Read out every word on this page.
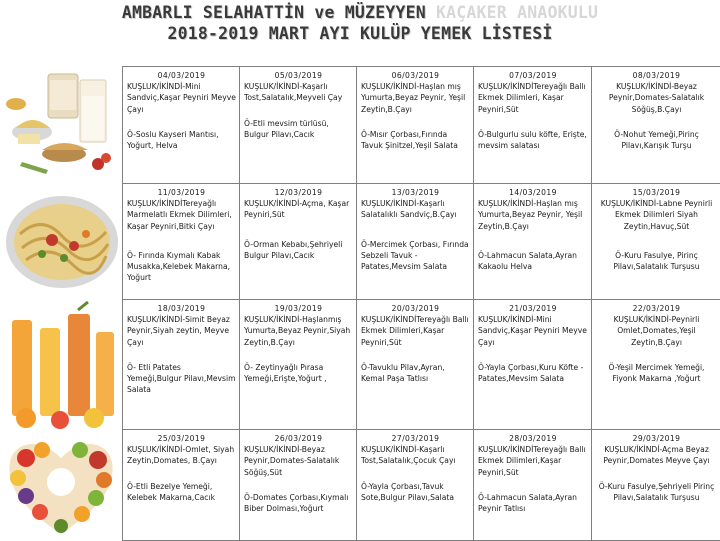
AMBARLI SELAHATTİN ve MÜZEYYEN KAÇAKER ANAOKULU
2018-2019 MART AYI KULÜP YEMEK LİSTESİ
04/03/2019
KUŞLUK/İKİNDİ-Mini Sandviç,Kaşar Peyniri Meyve Çayı
Ö-Soslu Kayseri Mantısı, Yoğurt, Helva	05/03/2019
KUŞLUK/İKİNDİ-Kaşarlı Tost,Salatalık,Meyveli Çay
Ö-Etli mevsim türlüsü, Bulgur Pilavı,Cacık	06/03/2019
KUŞLUK/İKİNDİ-Haşlan mış Yumurta,Beyaz Peynir, Yeşil Zeytin,B.Çayı
Ö-Mısır Çorbası,Fırında Tavuk Şinitzel,Yeşil Salata	07/03/2019
KUŞLUK/İKİNDİTereyağlı Ballı Ekmek Dilimleri, Kaşar Peyniri,Süt
Ö-Bulgurlu sulu köfte, Erişte, mevsim salatası	08/03/2019
KUŞLUK/İKİNDİ-Beyaz Peynir,Domates-Salatalık Söğüş,B.Çayı
Ö-Nohut Yemeği,Pirinç Pilavı,Karışık Turşu

11/03/2019
KUŞLUK/İKİNDİTereyağlı Marmelatlı Ekmek Dilimleri, Kaşar Peyniri,Bitki Çayı
Ö- Fırında Kıymalı Kabak Musakka,Kelebek Makarna, Yoğurt	12/03/2019
KUŞLUK/İKİNDİ-Açma, Kaşar Peyniri,Süt
Ö-Orman Kebabı,Şehriyeli Bulgur Pilavı,Cacık	13/03/2019
KUŞLUK/İKİNDİ-Kaşarlı Salatalıklı Sandviç,B.Çayı
Ö-Mercimek Çorbası, Fırında Sebzeli Tavuk - Patates,Mevsim Salata	14/03/2019
KUŞLUK/İKİNDİ-Haşlan mış Yumurta,Beyaz Peynir, Yeşil Zeytin,B.Çayı
Ö-Lahmacun Salata,Ayran Kakaolu Helva	15/03/2019
KUŞLUK/İKİNDİ-Labne Peynirli Ekmek Dilimleri Siyah Zeytin,Havuç,Süt
Ö-Kuru Fasulye, Pirinç Pilavı,Salatalık Turşusu

18/03/2019
KUŞLUK/İKİNDİ-Simit Beyaz Peynir,Siyah zeytin, Meyve Çayı
Ö- Etli Patates Yemeği,Bulgur Pilavı,Mevsim Salata	19/03/2019
KUŞLUK/İKİNDİ-Haşlanmış Yumurta,Beyaz Peynir,Siyah Zeytin,B.Çayı
Ö- Zeytinyağlı Pırasa Yemeği,Erişte,Yoğurt ,	20/03/2019
KUŞLUK/İKİNDİTereyağlı Ballı Ekmek Dilimleri,Kaşar Peyniri,Süt
Ö-Tavuklu Pilav,Ayran, Kemal Paşa Tatlısı	21/03/2019
KUŞLUK/İKİNDİ-Mini Sandviç,Kaşar Peyniri Meyve Çayı
Ö-Yayla Çorbası,Kuru Köfte -Patates,Mevsim Salata	22/03/2019
KUŞLUK/İKİNDİ-Peynirli Omlet,Domates,Yeşil Zeytin,B.Çayı
Ö-Yeşil Mercimek Yemeği, Fiyonk Makarna ,Yoğurt

25/03/2019
KUŞLUK/İKİNDİ-Omlet, Siyah Zeytin,Domates, B.Çayı
Ö-Etli Bezelye Yemeği, Kelebek Makarna,Cacık	26/03/2019
KUŞLUK/İKİNDİ-Beyaz Peynir,Domates-Salatalık Söğüş,Süt
Ö-Domates Çorbası,Kıymalı Biber Dolması,Yoğurt	27/03/2019
KUŞLUK/İKİNDİ-Kaşarlı Tost,Salatalık,Çocuk Çayı
Ö-Yayla Çorbası,Tavuk Sote,Bulgur Pilavı,Salata	28/03/2019
KUŞLUK/İKİNDİTereyağlı Ballı Ekmek Dilimleri,Kaşar Peyniri,Süt
Ö-Lahmacun Salata,Ayran Peynir Tatlısı	29/03/2019
KUŞLUK/İKİNDİ-Açma Beyaz Peynir,Domates Meyve Çayı
Ö-Kuru Fasulye,Şehriyeli Pirinç Pilavı,Salatalık Turşusu
